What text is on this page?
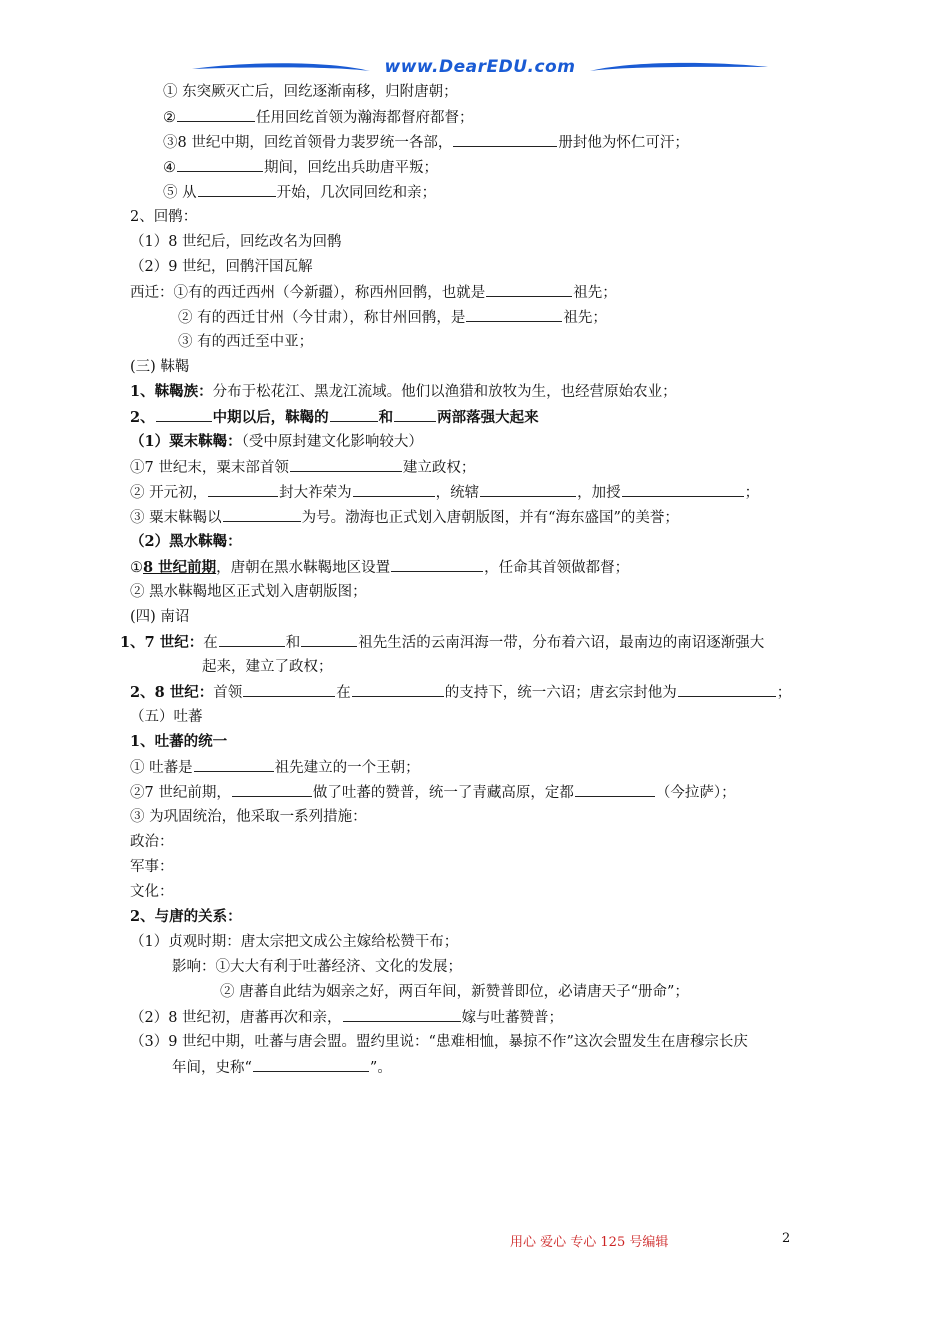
www.DearEDU.com
① 东突厥灭亡后，回纥逐渐南移，归附唐朝；
②	任用回纥首领为瀚海都督府都督；
③8 世纪中期，回纥首领骨力裴罗统一各部，	册封他为怀仁可汗；
④	期间，回纥出兵助唐平叛；
⑤ 从	开始，几次同回纥和亲；
2、回鹘：
（1）8 世纪后，回纥改名为回鹘
（2）9 世纪，回鹘汗国瓦解
西迁：①有的西迁西州（今新疆），称西州回鹘，也就是	祖先；
② 有的西迁甘州（今甘肃），称甘州回鹘，是	祖先；
③ 有的西迁至中亚；
(三) 靺鞨
1、靺鞨族：分布于松花江、黑龙江流域。他们以渔猎和放牧为生，也经营原始农业；
2、	中期以后，靺鞨的	和	两部落强大起来
（1）粟末靺鞨：（受中原封建文化影响较大）
①7 世纪末，粟末部首领	建立政权；
② 开元初，	封大祚荣为	，统辖	，加授	；
③ 粟末靺鞨以	为号。渤海也正式划入唐朝版图，并有“海东盛国”的美誉；
（2）黑水靺鞨：
①8 世纪前期，唐朝在黑水靺鞨地区设置	，任命其首领做都督；
② 黑水靺鞨地区正式划入唐朝版图；
(四) 南诏
1、7 世纪：在	和	祖先生活的云南洱海一带，分布着六诏，最南边的南诏逐渐强大
起来，建立了政权；
2、8 世纪：首领	在	的支持下，统一六诏；唐玄宗封他为	；
（五）吐蕃
1、吐蕃的统一
① 吐蕃是	祖先建立的一个王朝；
②7 世纪前期，	做了吐蕃的赞普，统一了青藏高原，定都	（今拉萨）；
③ 为巩固统治，他采取一系列措施：
政治：
军事：
文化：
2、与唐的关系：
（1）贞观时期：唐太宗把文成公主嫁给松赞干布；
影响：①大大有利于吐蕃经济、文化的发展；
② 唐蕃自此结为姻亲之好，两百年间，新赞普即位，必请唐天子“册命”；
（2）8 世纪初，唐蕃再次和亲，	嫁与吐蕃赞普；
（3）9 世纪中期，吐蕃与唐会盟。盟约里说：“患难相恤，暴掠不作”这次会盟发生在唐穆宗长庆
年间，史称“	”。
用心 爱心 专心 125 号编辑	2
